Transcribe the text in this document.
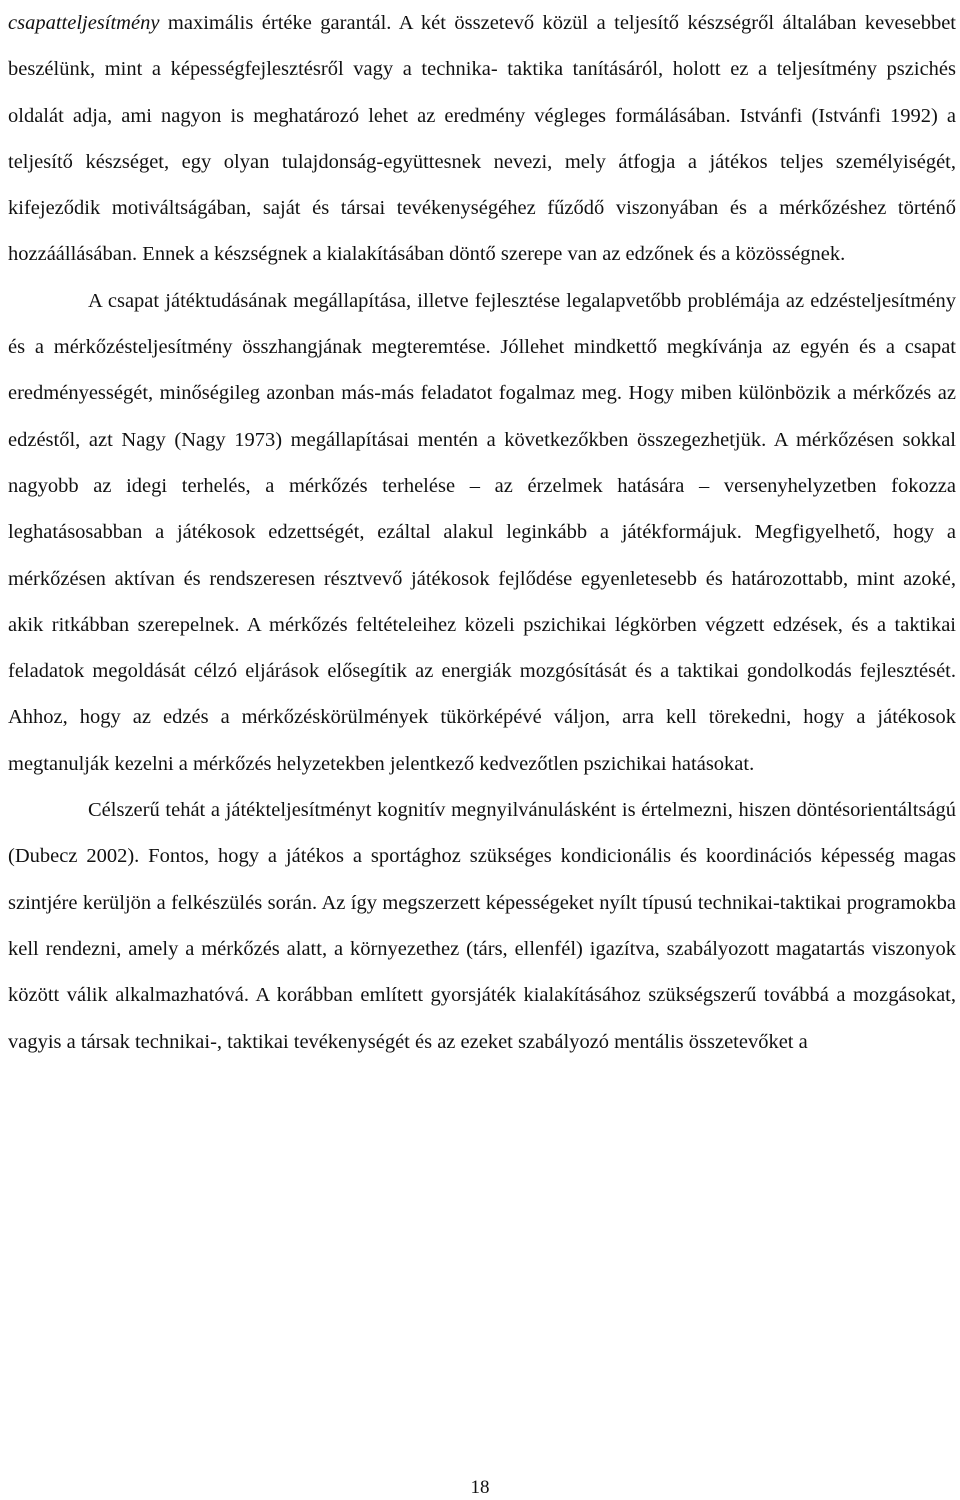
csapatteljesítmény maximális értéke garantál. A két összetevő közül a teljesítő készségről általában kevesebbet beszélünk, mint a képességfejlesztésről vagy a technika- taktika tanításáról, holott ez a teljesítmény pszichés oldalát adja, ami nagyon is meghatározó lehet az eredmény végleges formálásában. Istvánfi (Istvánfi 1992) a teljesítő készséget, egy olyan tulajdonság-együttesnek nevezi, mely átfogja a játékos teljes személyiségét, kifejeződik motiváltságában, saját és társai tevékenységéhez fűződő viszonyában és a mérkőzéshez történő hozzáállásában. Ennek a készségnek a kialakításában döntő szerepe van az edzőnek és a közösségnek.

A csapat játéktudásának megállapítása, illetve fejlesztése legalapvetőbb problémája az edzésteljesítmény és a mérkőzésteljesítmény összhangjának megteremtése. Jóllehet mindkettő megkívánja az egyén és a csapat eredményességét, minőségileg azonban más-más feladatot fogalmaz meg. Hogy miben különbözik a mérkőzés az edzéstől, azt Nagy (Nagy 1973) megállapításai mentén a következőkben összegezhetjük. A mérkőzésen sokkal nagyobb az idegi terhelés, a mérkőzés terhelése – az érzelmek hatására – versenyhelyzetben fokozza leghatásosabban a játékosok edzettségét, ezáltal alakul leginkább a játékformájuk. Megfigyelhető, hogy a mérkőzésen aktívan és rendszeresen résztvevő játékosok fejlődése egyenletesebb és határozottabb, mint azoké, akik ritkábban szerepelnek. A mérkőzés feltételeihez közeli pszichikai légkörben végzett edzések, és a taktikai feladatok megoldását célzó eljárások elősegítik az energiák mozgósítását és a taktikai gondolkodás fejlesztését. Ahhoz, hogy az edzés a mérkőzéskörülmények tükörképévé váljon, arra kell törekedni, hogy a játékosok megtanulják kezelni a mérkőzés helyzetekben jelentkező kedvezőtlen pszichikai hatásokat.

Célszerű tehát a játékteljesítményt kognitív megnyilvánulásként is értelmezni, hiszen döntésorientáltságú (Dubecz 2002). Fontos, hogy a játékos a sportághoz szükséges kondicionális és koordinációs képesség magas szintjére kerüljön a felkészülés során. Az így megszerzett képességeket nyílt típusú technikai-taktikai programokba kell rendezni, amely a mérkőzés alatt, a környezethez (társ, ellenfél) igazítva, szabályozott magatartás viszonyok között válik alkalmazhatóvá. A korábban említett gyorsjáték kialakításához szükségszerű továbbá a mozgásokat, vagyis a társak technikai-, taktikai tevékenységét és az ezeket szabályozó mentális összetevőket a

18
